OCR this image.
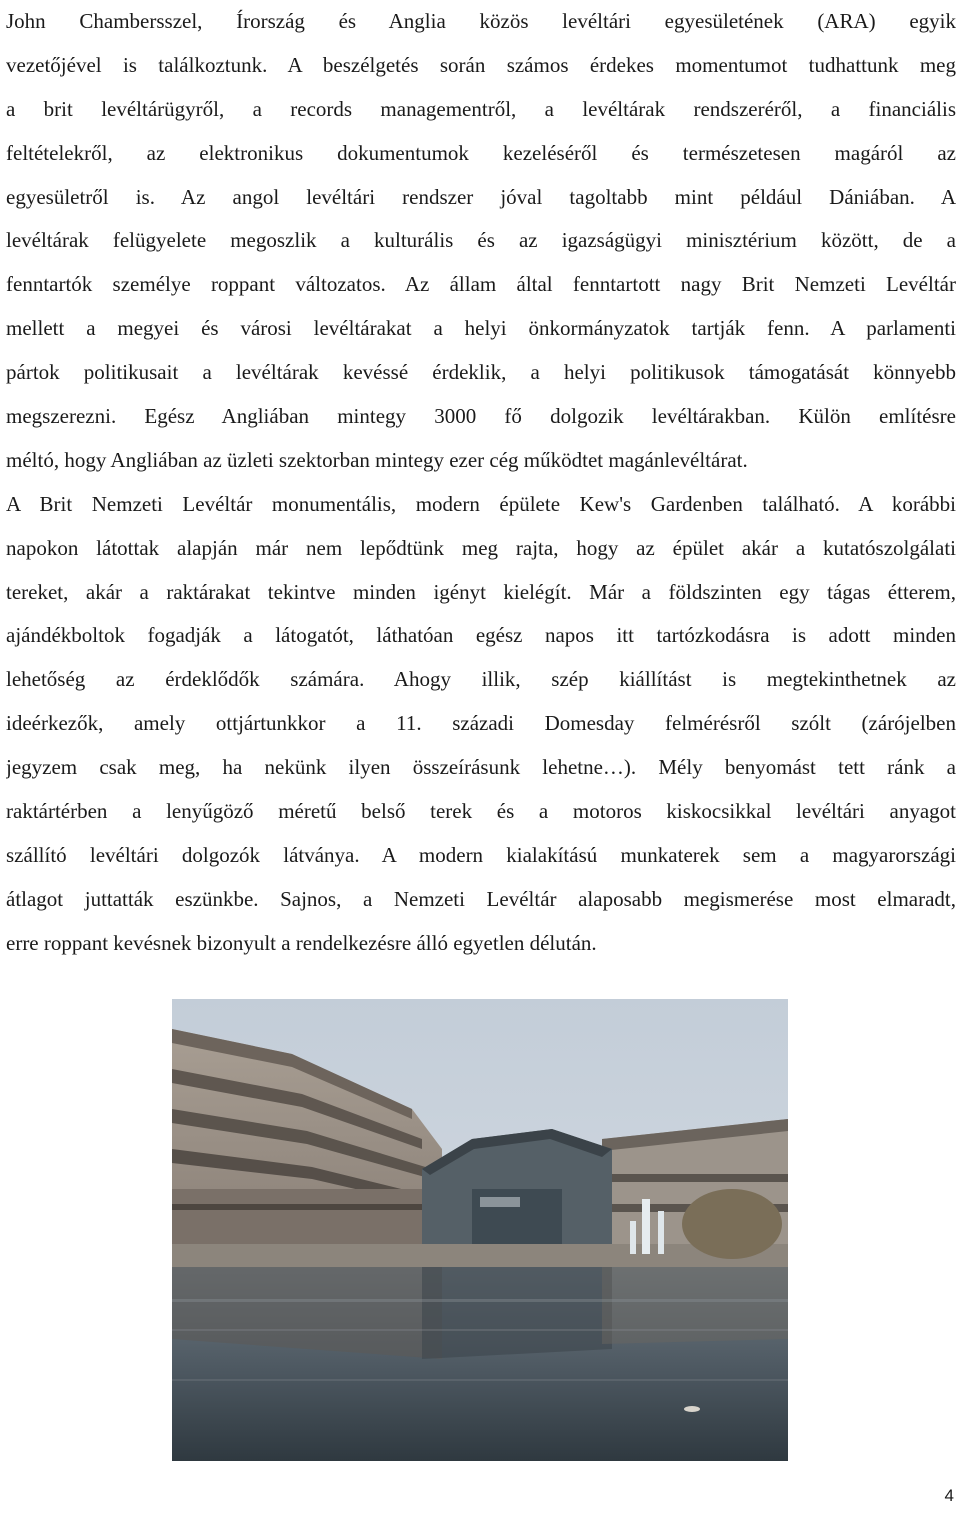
John Chambersszel, Írország és Anglia közös levéltári egyesületének (ARA) egyik
vezetőjével is találkoztunk. A beszélgetés során számos érdekes momentumot tudhattunk meg
a brit levéltárügyről, a records managementről, a levéltárak rendszeréről, a financiális
feltételekről, az elektronikus dokumentumok kezeléséről és természetesen magáról az
egyesületről is. Az angol levéltári rendszer jóval tagoltabb mint például Dániában. A
levéltárak felügyelete megoszlik a kulturális és az igazságügyi minisztérium között, de a
fenntartók személye roppant változatos. Az állam által fenntartott nagy Brit Nemzeti Levéltár
mellett a megyei és városi levéltárakat a helyi önkormányzatok tartják fenn. A parlamenti
pártok politikusait a levéltárak kevéssé érdeklik, a helyi politikusok támogatását könnyebb
megszerezni. Egész Angliában mintegy 3000 fő dolgozik levéltárakban. Külön említésre
méltó, hogy Angliában az üzleti szektorban mintegy ezer cég működtet magánlevéltárat.
A Brit Nemzeti Levéltár monumentális, modern épülete Kew's Gardenben található. A korábbi
napokon látottak alapján már nem lepődtünk meg rajta, hogy az épület akár a kutatószolgálati
tereket, akár a raktárakat tekintve minden igényt kielégít. Már a földszinten egy tágas étterem,
ajándékboltok fogadják a látogatót, láthatóan egész napos itt tartózkodásra is adott minden
lehetőség az érdeklődők számára. Ahogy illik, szép kiállítást is megtekinthetnek az
ideérkezők, amely ottjártunkkor a 11. századi Domesday felmérésről szólt (zárójelben
jegyzem csak meg, ha nekünk ilyen összeírásunk lehetne…). Mély benyomást tett ránk a
raktártérben a lenyűgöző méretű belső terek és a motoros kiskocsikkal levéltári anyagot
szállító levéltári dolgozók látványa. A modern kialakítású munkaterek sem a magyarországi
átlagot juttatták eszünkbe. Sajnos, a Nemzeti Levéltár alaposabb megismerése most elmaradt,
erre roppant kevésnek bizonyult a rendelkezésre álló egyetlen délután.
4
